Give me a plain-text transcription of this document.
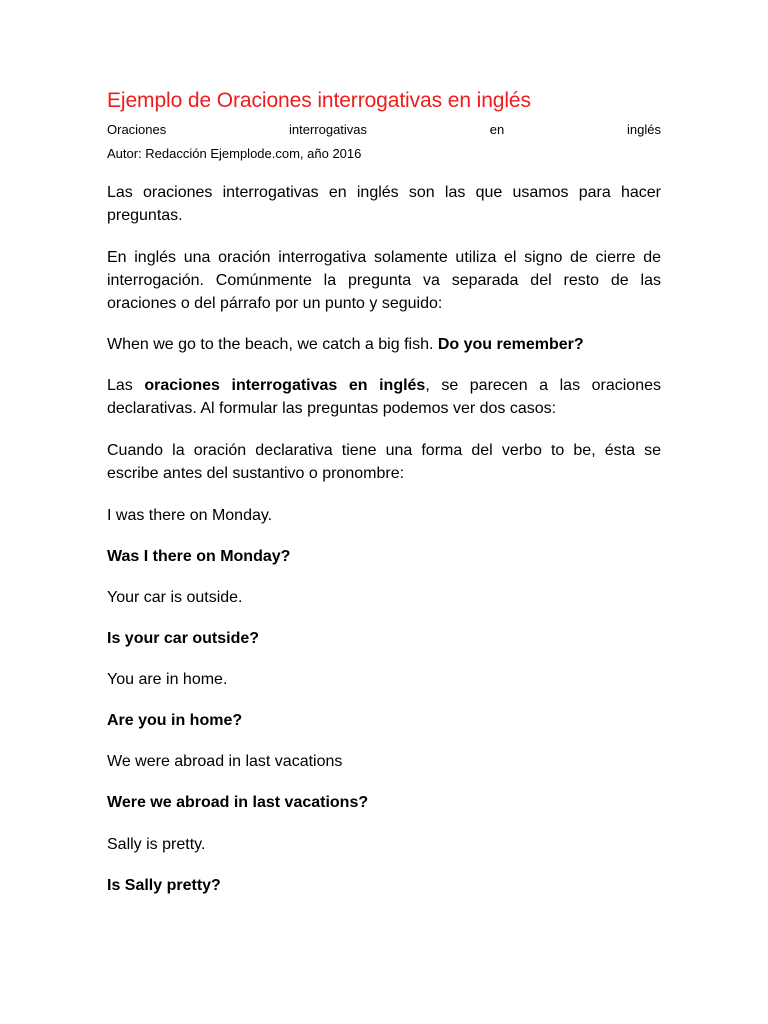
Ejemplo de Oraciones interrogativas en inglés
Oraciones	interrogativas	en	inglés
Autor: Redacción Ejemplode.com, año 2016

Las oraciones interrogativas en inglés son las que usamos para hacer preguntas.

En inglés una oración interrogativa solamente utiliza el signo de cierre de interrogación. Comúnmente la pregunta va separada del resto de las oraciones o del párrafo por un punto y seguido:

When we go to the beach, we catch a big fish. Do you remember?

Las oraciones interrogativas en inglés, se parecen a las oraciones declarativas. Al formular las preguntas podemos ver dos casos:

Cuando la oración declarativa tiene una forma del verbo to be, ésta se escribe antes del sustantivo o pronombre:

I was there on Monday.

Was I there on Monday?

Your car is outside.

Is your car outside?

You are in home.

Are you in home?

We were abroad in last vacations

Were we abroad in last vacations?

Sally is pretty.

Is Sally pretty?
